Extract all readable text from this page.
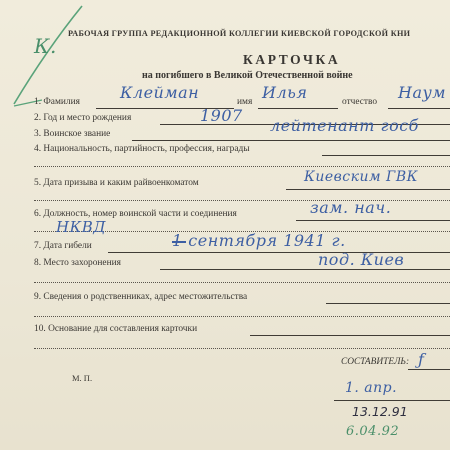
К.
РАБОЧАЯ ГРУППА РЕДАКЦИОННОЙ КОЛЛЕГИИ КИЕВСКОЙ ГОРОДСКОЙ КНИ
КАРТОЧКА
на погибшего в Великой Отечественной войне
1. Фамилия	Клейман	имя Илья	отчество Наум
2. Год и место рождения	1907
3. Воинское звание	лейтенант госб
4. Национальность, партийность, профессия, награды
5. Дата призыва и каким райвоенкоматом	Киевским ГВК
6. Должность, номер воинской части и соединения	зам. нач.
НКВД
7. Дата гибели	1 сентября 1941 г.
8. Место захоронения	под. Киев
9. Сведения о родственниках, адрес местожительства
10. Основание для составления карточки
СОСТАВИТЕЛЬ: ƒ
М. П.
1. апр.
13.12.91
6.04.92
